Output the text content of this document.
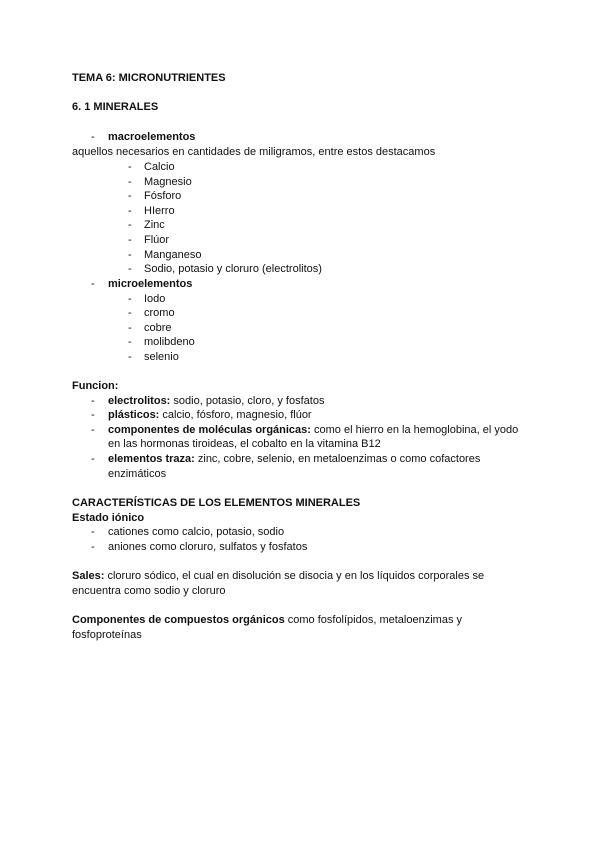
TEMA 6: MICRONUTRIENTES
6. 1 MINERALES
- macroelementos
aquellos necesarios en cantidades de miligramos, entre estos destacamos
- Calcio
- Magnesio
- Fósforo
- HIerro
- Zinc
- Flúor
- Manganeso
- Sodio, potasio y cloruro (electrolitos)
- microelementos
- Iodo
- cromo
- cobre
- molibdeno
- selenio
Funcion:
- electrolitos: sodio, potasio, cloro, y fosfatos
- plásticos: calcio, fósforo, magnesio, flúor
- componentes de moléculas orgánicas: como el hierro en la hemoglobina, el yodo
en las hormonas tiroideas, el cobalto en la vitamina B12
- elementos traza: zinc, cobre, selenio, en metaloenzimas o como cofactores
enzimáticos
CARACTERÍSTICAS DE LOS ELEMENTOS MINERALES
Estado iónico
- cationes como calcio, potasio, sodio
- aniones como cloruro, sulfatos y fosfatos
Sales: cloruro sódico, el cual en disolución se disocia y en los líquidos corporales se
encuentra como sodio y cloruro
Componentes de compuestos orgánicos como fosfolípidos, metaloenzimas y
fosfoproteínas
